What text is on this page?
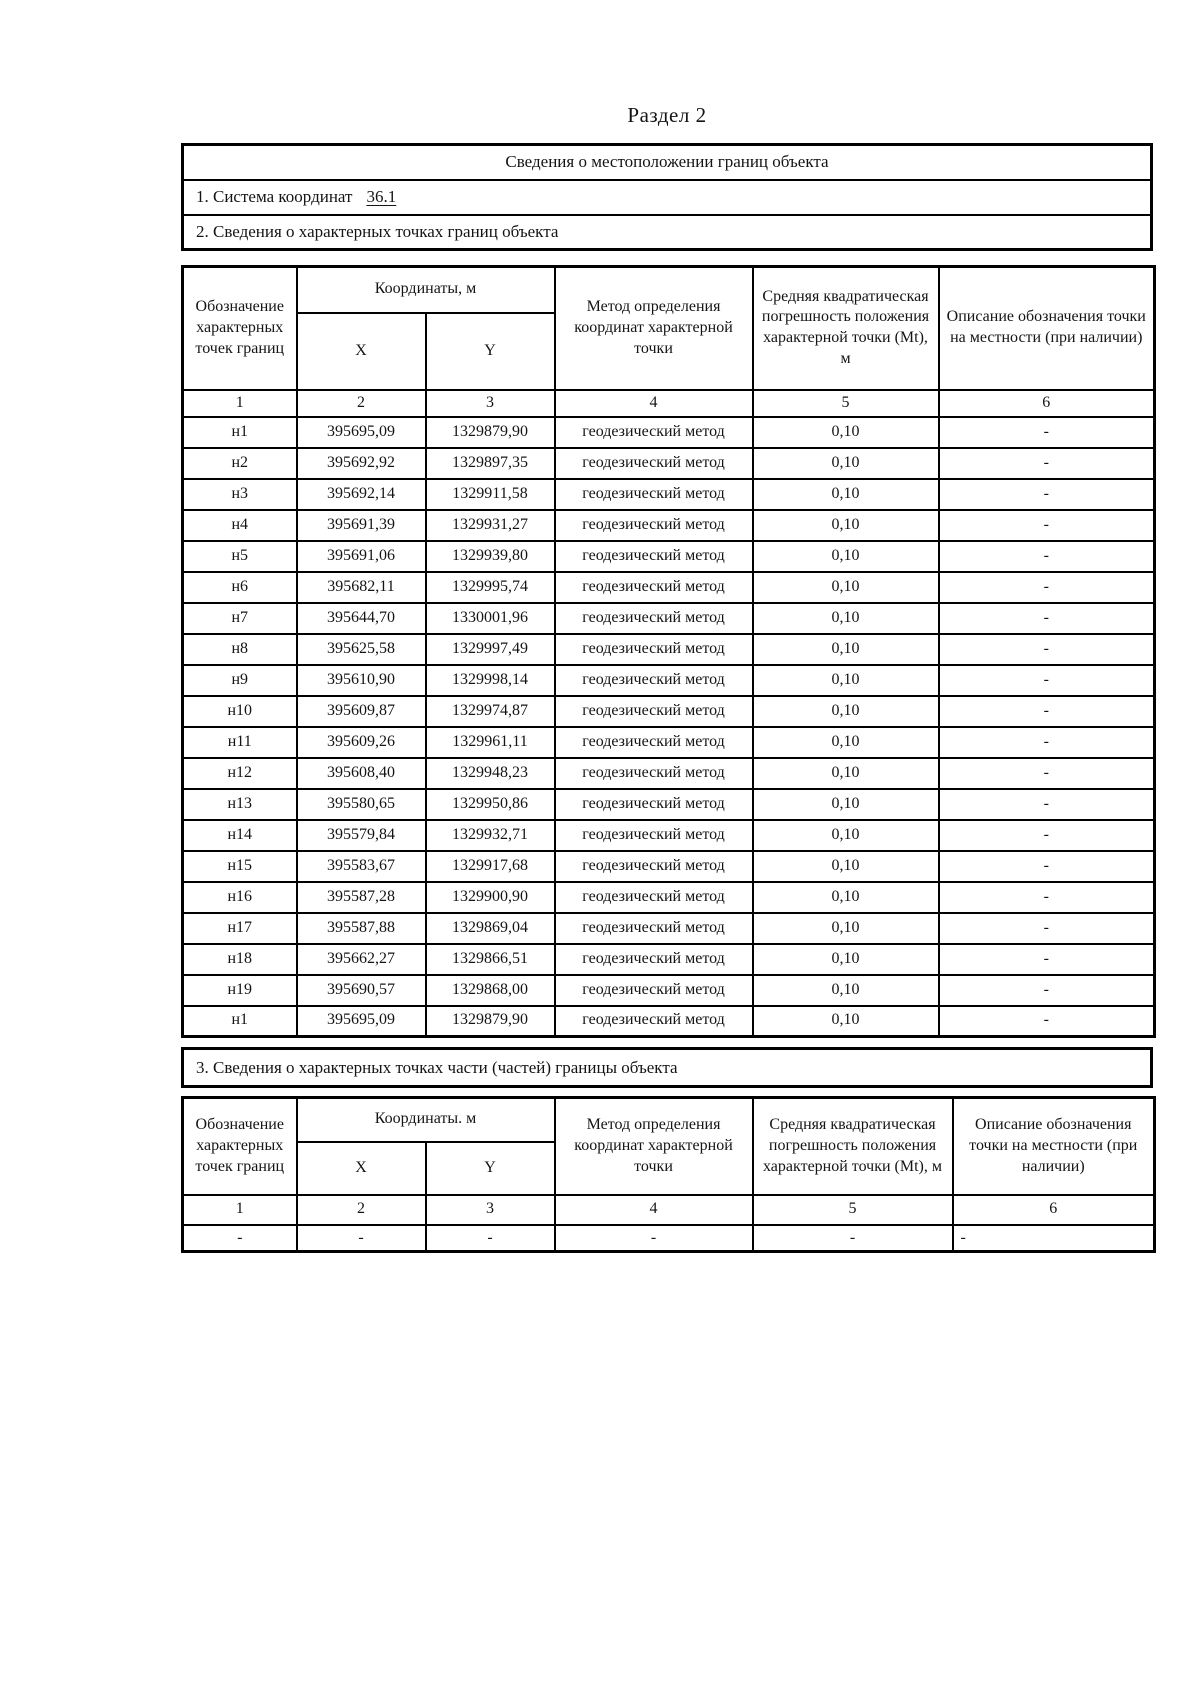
Раздел 2
Сведения о местоположении границ объекта
1. Система координат 36.1
2. Сведения о характерных точках границ объекта
Обозначение характерных точек границ	Координаты, м		Метод определения координат характерной точки	Средняя квадратическая погрешность положения характерной точки (Mt), м	Описание обозначения точки на местности (при наличии)
	X	Y			
1	2	3	4	5	6
н1	395695,09	1329879,90	геодезический метод	0,10	-
н2	395692,92	1329897,35	геодезический метод	0,10	-
н3	395692,14	1329911,58	геодезический метод	0,10	-
н4	395691,39	1329931,27	геодезический метод	0,10	-
н5	395691,06	1329939,80	геодезический метод	0,10	-
н6	395682,11	1329995,74	геодезический метод	0,10	-
н7	395644,70	1330001,96	геодезический метод	0,10	-
н8	395625,58	1329997,49	геодезический метод	0,10	-
н9	395610,90	1329998,14	геодезический метод	0,10	-
н10	395609,87	1329974,87	геодезический метод	0,10	-
н11	395609,26	1329961,11	геодезический метод	0,10	-
н12	395608,40	1329948,23	геодезический метод	0,10	-
н13	395580,65	1329950,86	геодезический метод	0,10	-
н14	395579,84	1329932,71	геодезический метод	0,10	-
н15	395583,67	1329917,68	геодезический метод	0,10	-
н16	395587,28	1329900,90	геодезический метод	0,10	-
н17	395587,88	1329869,04	геодезический метод	0,10	-
н18	395662,27	1329866,51	геодезический метод	0,10	-
н19	395690,57	1329868,00	геодезический метод	0,10	-
н1	395695,09	1329879,90	геодезический метод	0,10	-
3. Сведения о характерных точках части (частей) границы объекта
Обозначение характерных точек границ	Координаты. м		Метод определения координат характерной точки	Средняя квадратическая погрешность положения характерной точки (Mt), м	Описание обозначения точки на местности (при наличии)
	X	Y			
1	2	3	4	5	6
-	-	-	-	-	-
